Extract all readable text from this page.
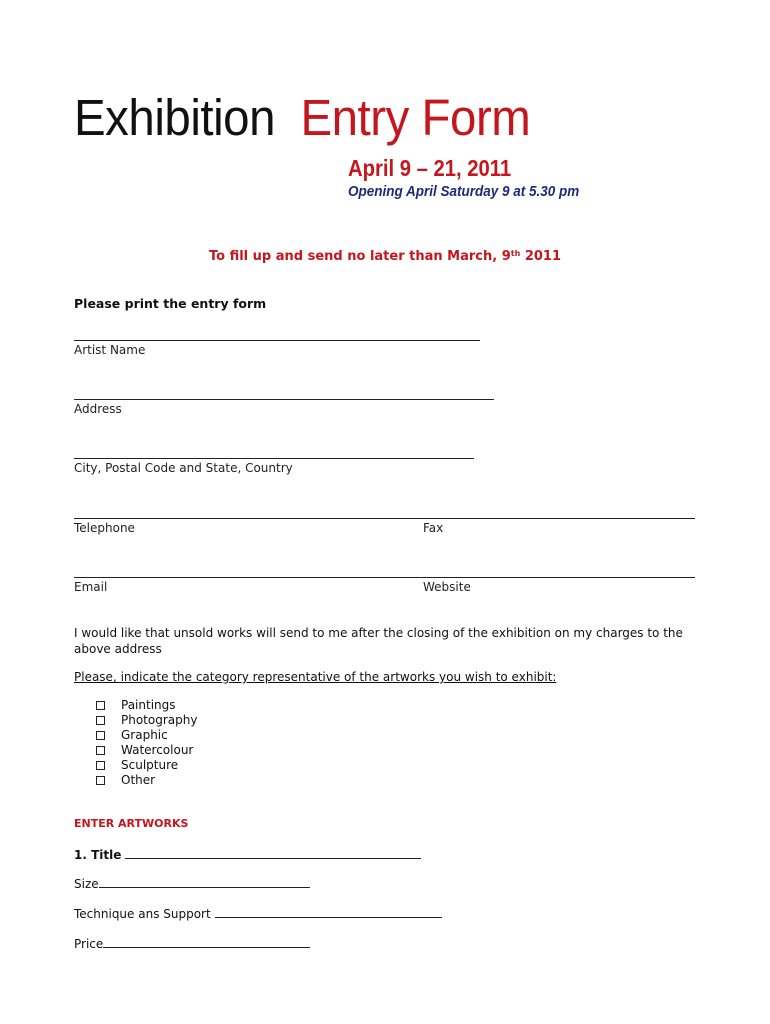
Exhibition Entry Form
April 9 – 21, 2011
Opening April Saturday 9 at 5.30 pm
To fill up and send no later than March, 9th 2011
Please print the entry form
Artist Name
Address
City, Postal Code and State, Country
Telephone	Fax
Email	Website
I would like that unsold works will send to me after the closing of the exhibition on my charges to the above address
Please, indicate the category representative of the artworks you wish to exhibit:
Paintings
Photography
Graphic
Watercolour
Sculpture
Other
ENTER ARTWORKS
1. Title
Size
Technique ans Support
Price
